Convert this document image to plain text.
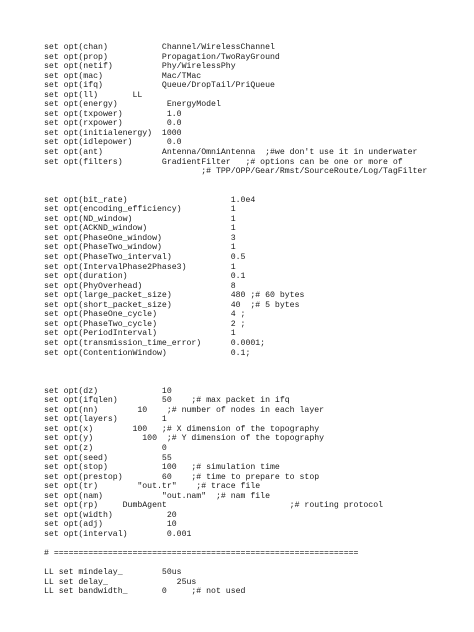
set opt(chan)           Channel/WirelessChannel
set opt(prop)           Propagation/TwoRayGround
set opt(netif)          Phy/WirelessPhy
set opt(mac)            Mac/TMac
set opt(ifq)            Queue/DropTail/PriQueue
set opt(ll)       LL
set opt(energy)          EnergyModel
set opt(txpower)         1.0
set opt(rxpower)         0.0
set opt(initialenergy)  1000
set opt(idlepower)       0.0
set opt(ant)            Antenna/OmniAntenna  ;#we don't use it in underwater
set opt(filters)        GradientFilter   ;# options can be one or more of
;# TPP/OPP/Gear/Rmst/SourceRoute/Log/TagFilter
set opt(bit_rate)                     1.0e4
set opt(encoding_efficiency)          1
set opt(ND_window)                    1
set opt(ACKND_window)                 1
set opt(PhaseOne_window)              3
set opt(PhaseTwo_window)              1
set opt(PhaseTwo_interval)            0.5
set opt(IntervalPhase2Phase3)         1
set opt(duration)                     0.1
set opt(PhyOverhead)                  8
set opt(large_packet_size)            480 ;# 60 bytes
set opt(short_packet_size)            40  ;# 5 bytes
set opt(PhaseOne_cycle)               4 ;
set opt(PhaseTwo_cycle)               2 ;
set opt(PeriodInterval)               1
set opt(transmission_time_error)      0.0001;
set opt(ContentionWindow)             0.1;
set opt(dz)             10
set opt(ifqlen)         50    ;# max packet in ifq
set opt(nn)        10    ;# number of nodes in each layer
set opt(layers)         1
set opt(x)        100   ;# X dimension of the topography
set opt(y)          100  ;# Y dimension of the topography
set opt(z)              0
set opt(seed)           55
set opt(stop)           100   ;# simulation time
set opt(prestop)        60    ;# time to prepare to stop
set opt(tr)        "out.tr"    ;# trace file
set opt(nam)            "out.nam"  ;# nam file
set opt(rp)     DumbAgent                         ;# routing protocol
set opt(width)           20
set opt(adj)             10
set opt(interval)        0.001
# ==============================================================
LL set mindelay_        50us
LL set delay_              25us
LL set bandwidth_       0     ;# not used
